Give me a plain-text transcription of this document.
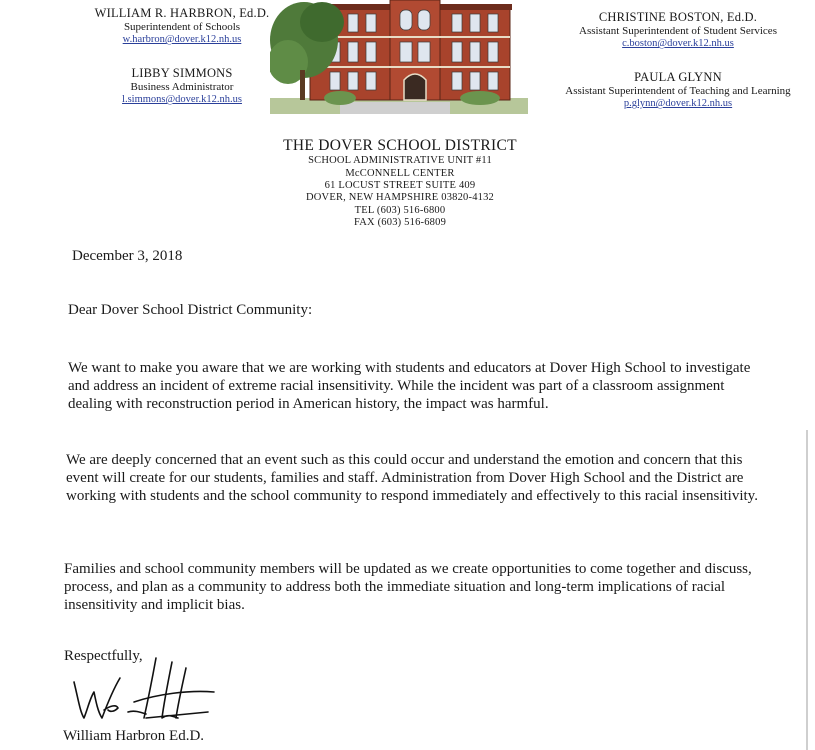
WILLIAM R. HARBRON, Ed.D.
Superintendent of Schools
w.harbron@dover.k12.nh.us
LIBBY SIMMONS
Business Administrator
l.simmons@dover.k12.nh.us
CHRISTINE BOSTON, Ed.D.
Assistant Superintendent of Student Services
c.boston@dover.k12.nh.us
PAULA GLYNN
Assistant Superintendent of Teaching and Learning
p.glynn@dover.k12.nh.us
THE DOVER SCHOOL DISTRICT
SCHOOL ADMINISTRATIVE UNIT #11
McCONNELL CENTER
61 LOCUST STREET SUITE 409
DOVER, NEW HAMPSHIRE 03820-4132
TEL (603) 516-6800
FAX (603) 516-6809
December 3, 2018
Dear Dover School District Community:
We want to make you aware that we are working with students and educators at Dover High School to investigate and address an incident of extreme racial insensitivity. While the incident was part of a classroom assignment dealing with reconstruction period in American history, the impact was harmful.
We are deeply concerned that an event such as this could occur and understand the emotion and concern that this event will create for our students, families and staff. Administration from Dover High School and the District are working with students and the school community to respond immediately and effectively to this racial insensitivity.
Families and school community members will be updated as we create opportunities to come together and discuss, process, and plan as a community to address both the immediate situation and long-term implications of racial insensitivity and implicit bias.
Respectfully,
William Harbron Ed.D.
